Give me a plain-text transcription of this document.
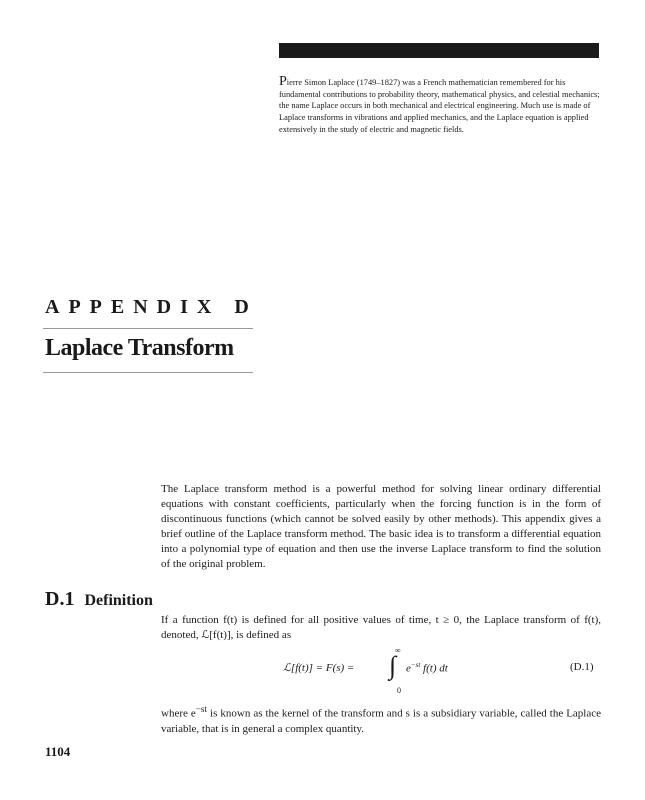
Pierre Simon Laplace (1749–1827) was a French mathematician remembered for his fundamental contributions to probability theory, mathematical physics, and celestial mechanics; the name Laplace occurs in both mechanical and electrical engineering. Much use is made of Laplace transforms in vibrations and applied mechanics, and the Laplace equation is applied extensively in the study of electric and magnetic fields.
APPENDIX D
Laplace Transform
The Laplace transform method is a powerful method for solving linear ordinary differential equations with constant coefficients, particularly when the forcing function is in the form of discontinuous functions (which cannot be solved easily by other methods). This appendix gives a brief outline of the Laplace transform method. The basic idea is to transform a differential equation into a polynomial type of equation and then use the inverse Laplace transform to find the solution of the original problem.
D.1 Definition
If a function f(t) is defined for all positive values of time, t ≥ 0, the Laplace transform of f(t), denoted, ℒ[f(t)], is defined as
ℒ[f(t)] = F(s) =
∞
∫
0
$e^{-st}$ f(t) dt	(D.1)
where $e^{-st}$ is known as the kernel of the transform and s is a subsidiary variable, called the Laplace variable, that is in general a complex quantity.
1104
